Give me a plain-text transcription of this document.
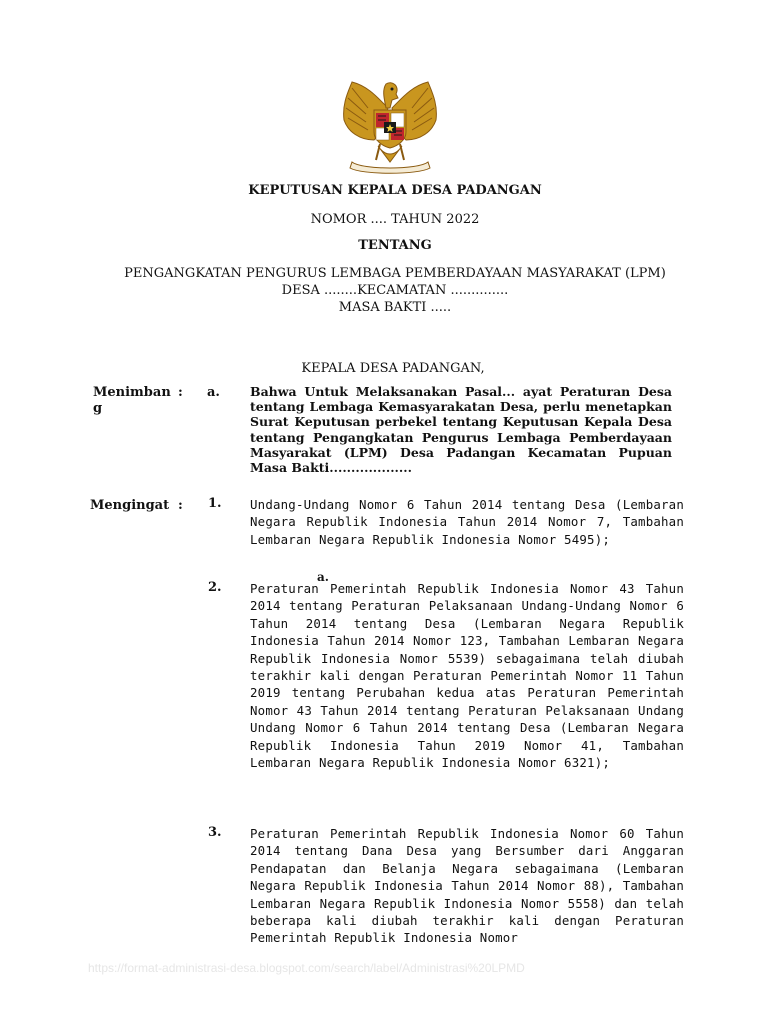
KEPUTUSAN KEPALA DESA PADANGAN
NOMOR .... TAHUN 2022
TENTANG
PENGANGKATAN PENGURUS LEMBAGA PEMBERDAYAAN MASYARAKAT (LPM)
DESA ........KECAMATAN ..............
MASA BAKTI .....
KEPALA DESA PADANGAN,
Menimban g
: a. Bahwa Untuk Melaksanakan Pasal... ayat Peraturan Desa tentang Lembaga Kemasyarakatan Desa, perlu menetapkan Surat Keputusan perbekel tentang Keputusan Kepala Desa tentang Pengangkatan Pengurus Lembaga Pemberdayaan Masyarakat (LPM) Desa Padangan Kecamatan Pupuan Masa Bakti...................
Mengingat : 1. Undang-Undang Nomor 6 Tahun 2014 tentang Desa (Lembaran Negara Republik Indonesia Tahun 2014 Nomor 7, Tambahan Lembaran Negara Republik Indonesia Nomor 5495);
a.
2. Peraturan Pemerintah Republik Indonesia Nomor 43 Tahun 2014 tentang Peraturan Pelaksanaan Undang-Undang Nomor 6 Tahun 2014 tentang Desa (Lembaran Negara Republik Indonesia Tahun 2014 Nomor 123, Tambahan Lembaran Negara Republik Indonesia Nomor 5539) sebagaimana telah diubah terakhir kali dengan Peraturan Pemerintah Nomor 11 Tahun 2019 tentang Perubahan kedua atas Peraturan Pemerintah Nomor 43 Tahun 2014 tentang Peraturan Pelaksanaan Undang Undang Nomor 6 Tahun 2014 tentang Desa (Lembaran Negara Republik Indonesia Tahun 2019 Nomor 41, Tambahan Lembaran Negara Republik Indonesia Nomor 6321);
3. Peraturan Pemerintah Republik Indonesia Nomor 60 Tahun 2014 tentang Dana Desa yang Bersumber dari Anggaran Pendapatan dan Belanja Negara sebagaimana (Lembaran Negara Republik Indonesia Tahun 2014 Nomor 88), Tambahan Lembaran Negara Republik Indonesia Nomor 5558) dan telah beberapa kali diubah terakhir kali dengan Peraturan Pemerintah Republik Indonesia Nomor
https://format-administrasi-desa.blogspot.com/search/label/Administrasi%20LPMD
